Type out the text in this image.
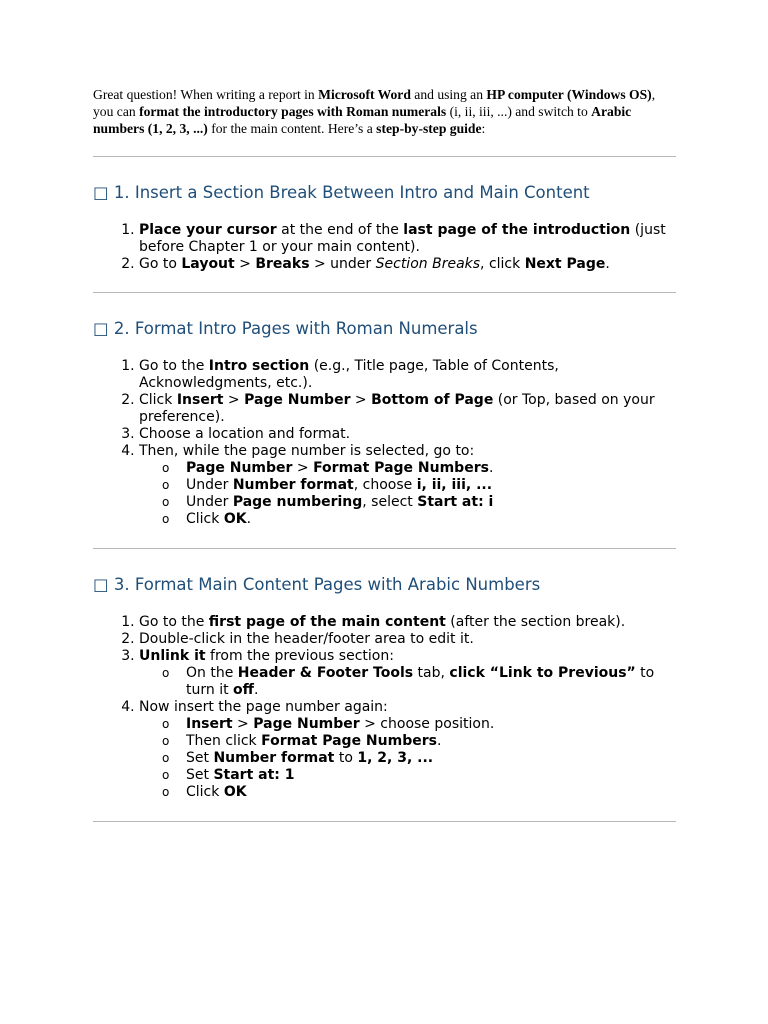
Great question! When writing a report in Microsoft Word and using an HP computer (Windows OS), you can format the introductory pages with Roman numerals (i, ii, iii, ...) and switch to Arabic numbers (1, 2, 3, ...) for the main content. Here’s a step-by-step guide:

□ 1. Insert a Section Break Between Intro and Main Content
1. Place your cursor at the end of the last page of the introduction (just before Chapter 1 or your main content).
2. Go to Layout > Breaks > under Section Breaks, click Next Page.
□ 2. Format Intro Pages with Roman Numerals
1. Go to the Intro section (e.g., Title page, Table of Contents, Acknowledgments, etc.).
2. Click Insert > Page Number > Bottom of Page (or Top, based on your preference).
3. Choose a location and format.
4. Then, while the page number is selected, go to:
o Page Number > Format Page Numbers.
o Under Number format, choose i, ii, iii, ...
o Under Page numbering, select Start at: i
o Click OK.
□ 3. Format Main Content Pages with Arabic Numbers
1. Go to the first page of the main content (after the section break).
2. Double-click in the header/footer area to edit it.
3. Unlink it from the previous section:
o On the Header & Footer Tools tab, click “Link to Previous” to turn it off.
4. Now insert the page number again:
o Insert > Page Number > choose position.
o Then click Format Page Numbers.
o Set Number format to 1, 2, 3, ...
o Set Start at: 1
o Click OK
